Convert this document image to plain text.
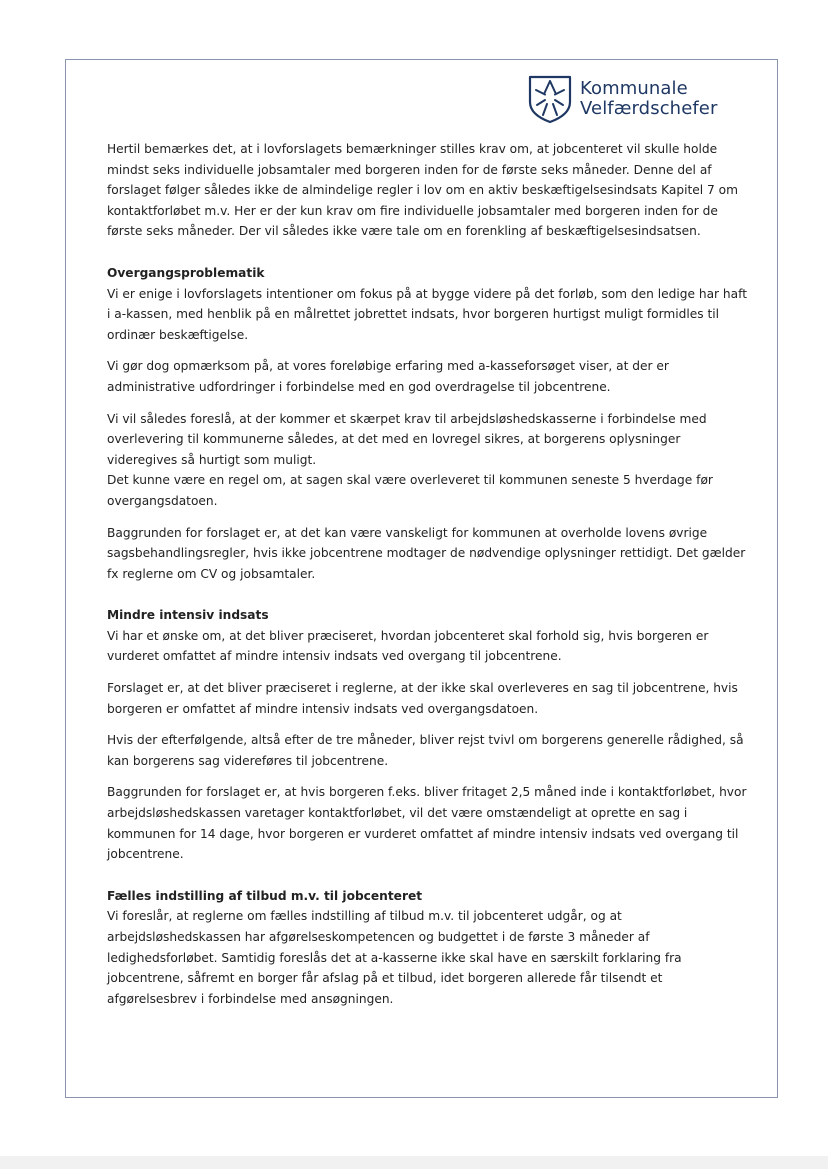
Kommunale
Velfærdschefer

Hertil bemærkes det, at i lovforslagets bemærkninger stilles krav om, at jobcenteret vil skulle holde mindst seks individuelle jobsamtaler med borgeren inden for de første seks måneder. Denne del af forslaget følger således ikke de almindelige regler i lov om en aktiv beskæftigelsesindsats Kapitel 7 om kontaktforløbet m.v. Her er der kun krav om fire individuelle jobsamtaler med borgeren inden for de første seks måneder. Der vil således ikke være tale om en forenkling af beskæftigelsesindsatsen.

Overgangsproblematik

Vi er enige i lovforslagets intentioner om fokus på at bygge videre på det forløb, som den ledige har haft i a-kassen, med henblik på en målrettet jobrettet indsats, hvor borgeren hurtigst muligt formidles til ordinær beskæftigelse.

Vi gør dog opmærksom på, at vores foreløbige erfaring med a-kasseforsøget viser, at der er administrative udfordringer i forbindelse med en god overdragelse til jobcentrene.

Vi vil således foreslå, at der kommer et skærpet krav til arbejdsløshedskasserne i forbindelse med overlevering til kommunerne således, at det med en lovregel sikres, at borgerens oplysninger videregives så hurtigt som muligt.

Det kunne være en regel om, at sagen skal være overleveret til kommunen seneste 5 hverdage før overgangsdatoen.

Baggrunden for forslaget er, at det kan være vanskeligt for kommunen at overholde lovens øvrige sagsbehandlingsregler, hvis ikke jobcentrene modtager de nødvendige oplysninger rettidigt. Det gælder fx reglerne om CV og jobsamtaler.

Mindre intensiv indsats

Vi har et ønske om, at det bliver præciseret, hvordan jobcenteret skal forhold sig, hvis borgeren er vurderet omfattet af mindre intensiv indsats ved overgang til jobcentrene.

Forslaget er, at det bliver præciseret i reglerne, at der ikke skal overleveres en sag til jobcentrene, hvis borgeren er omfattet af mindre intensiv indsats ved overgangsdatoen.

Hvis der efterfølgende, altså efter de tre måneder, bliver rejst tvivl om borgerens generelle rådighed, så kan borgerens sag videreføres til jobcentrene.

Baggrunden for forslaget er, at hvis borgeren f.eks. bliver fritaget 2,5 måned inde i kontaktforløbet, hvor arbejdsløshedskassen varetager kontaktforløbet, vil det være omstændeligt at oprette en sag i kommunen for 14 dage, hvor borgeren er vurderet omfattet af mindre intensiv indsats ved overgang til jobcentrene.

Fælles indstilling af tilbud m.v. til jobcenteret

Vi foreslår, at reglerne om fælles indstilling af tilbud m.v. til jobcenteret udgår, og at arbejdsløshedskassen har afgørelseskompetencen og budgettet i de første 3 måneder af ledighedsforløbet. Samtidig foreslås det at a-kasserne ikke skal have en særskilt forklaring fra jobcentrene, såfremt en borger får afslag på et tilbud, idet borgeren allerede får tilsendt et afgørelsesbrev i forbindelse med ansøgningen.
